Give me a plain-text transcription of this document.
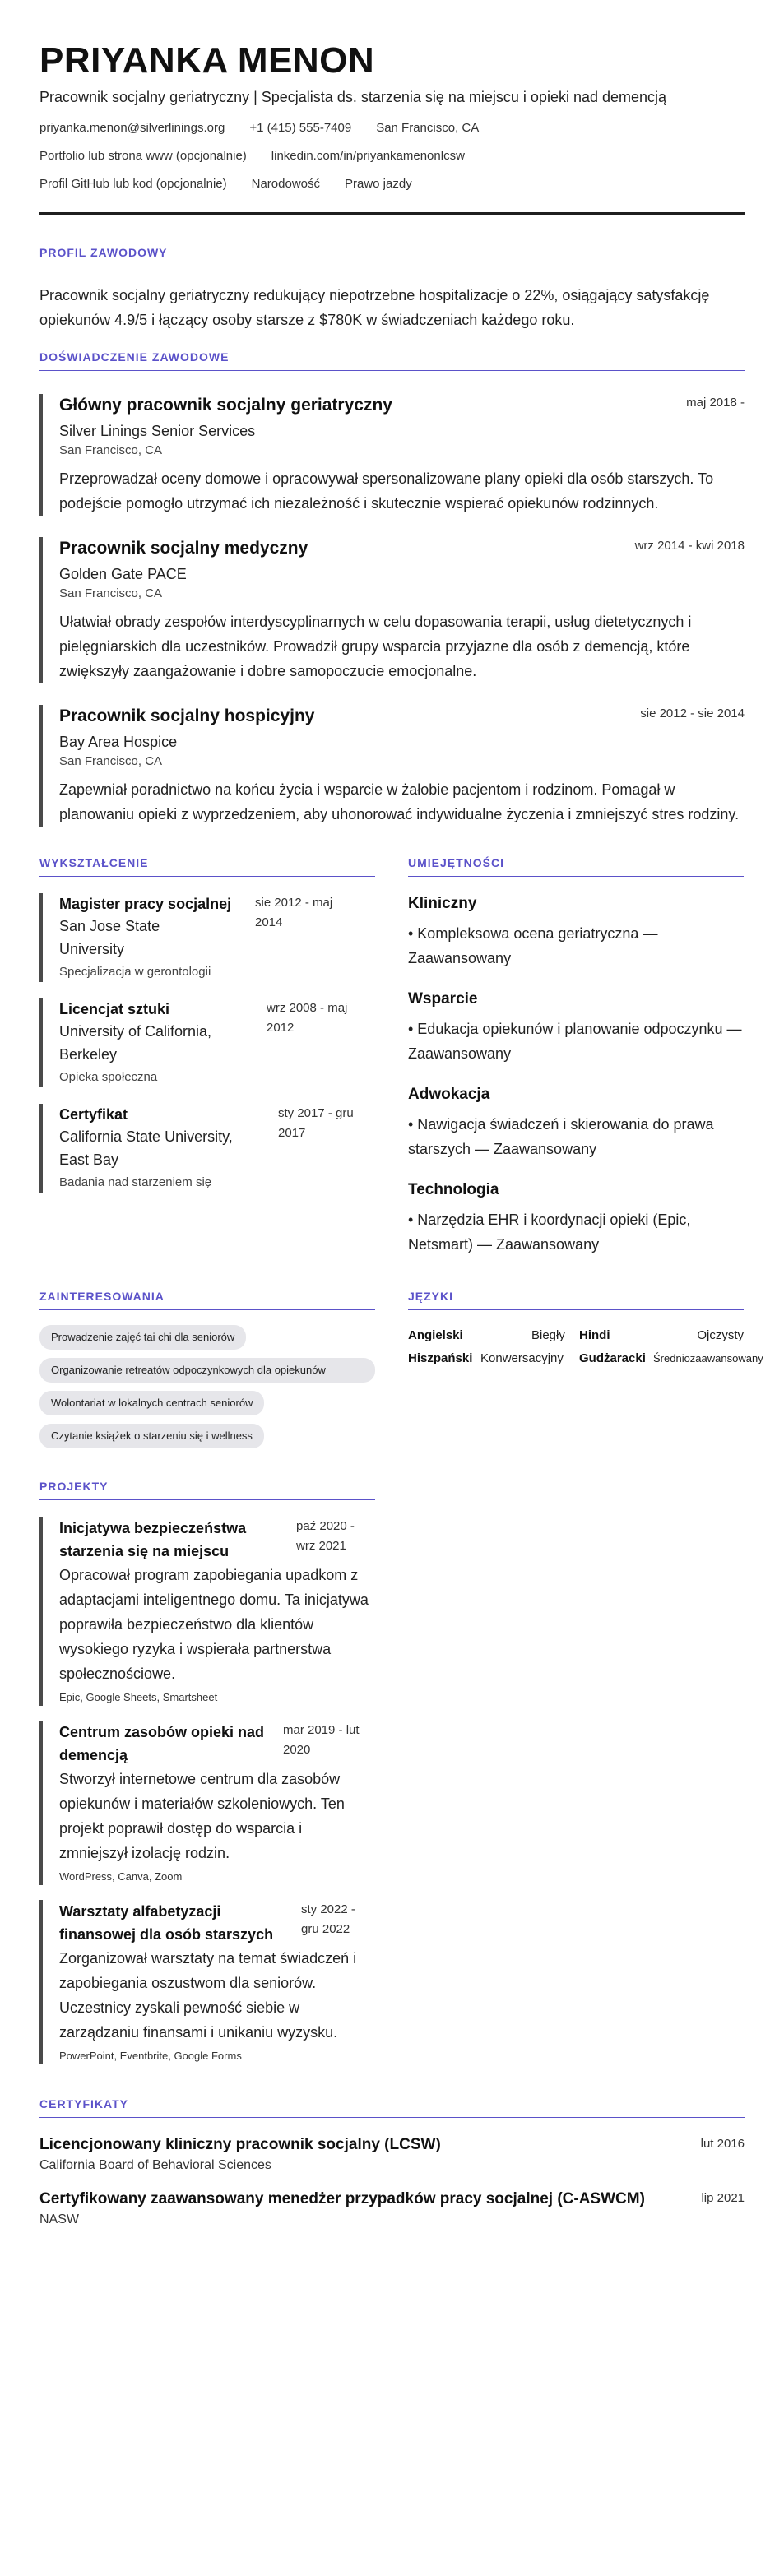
PRIYANKA MENON
Pracownik socjalny geriatryczny | Specjalista ds. starzenia się na miejscu i opieki nad demencją
priyanka.menon@silverlinings.org +1 (415) 555-7409 San Francisco, CA
Portfolio lub strona www (opcjonalnie) linkedin.com/in/priyankamenonlcsw
Profil GitHub lub kod (opcjonalnie) Narodowość Prawo jazdy
PROFIL ZAWODOWY
Pracownik socjalny geriatryczny redukujący niepotrzebne hospitalizacje o 22%, osiągający satysfakcję opiekunów 4.9/5 i łączący osoby starsze z $780K w świadczeniach każdego roku.
DOŚWIADCZENIE ZAWODOWE
Główny pracownik socjalny geriatryczny	maj 2018 -
Silver Linings Senior Services
San Francisco, CA
Przeprowadzał oceny domowe i opracowywał spersonalizowane plany opieki dla osób starszych. To podejście pomogło utrzymać ich niezależność i skutecznie wspierać opiekunów rodzinnych.
Pracownik socjalny medyczny	wrz 2014 - kwi 2018
Golden Gate PACE
San Francisco, CA
Ułatwiał obrady zespołów interdyscyplinarnych w celu dopasowania terapii, usług dietetycznych i pielęgniarskich dla uczestników. Prowadził grupy wsparcia przyjazne dla osób z demencją, które zwiększyły zaangażowanie i dobre samopoczucie emocjonalne.
Pracownik socjalny hospicyjny	sie 2012 - sie 2014
Bay Area Hospice
San Francisco, CA
Zapewniał poradnictwo na końcu życia i wsparcie w żałobie pacjentom i rodzinom. Pomagał w planowaniu opieki z wyprzedzeniem, aby uhonorować indywidualne życzenia i zmniejszyć stres rodziny.
WYKSZTAŁCENIE
Magister pracy socjalnej	sie 2012 - maj 2014
San Jose State University
Specjalizacja w gerontologii
Licencjat sztuki	wrz 2008 - maj 2012
University of California, Berkeley
Opieka społeczna
Certyfikat	sty 2017 - gru 2017
California State University, East Bay
Badania nad starzeniem się
UMIEJĘTNOŚCI
Kliniczny
• Kompleksowa ocena geriatryczna — Zaawansowany
Wsparcie
• Edukacja opiekunów i planowanie odpoczynku — Zaawansowany
Adwokacja
• Nawigacja świadczeń i skierowania do prawa starszych — Zaawansowany
Technologia
• Narzędzia EHR i koordynacji opieki (Epic, Netsmart) — Zaawansowany
ZAINTERESOWANIA
Prowadzenie zajęć tai chi dla seniorów
Organizowanie retreatów odpoczynkowych dla opiekunów
Wolontariat w lokalnych centrach seniorów
Czytanie książek o starzeniu się i wellness
JĘZYKI
Angielski	Biegły	Hindi	Ojczysty
Hiszpański Konwersacyjny	Gudżarackі Średniozaawansowany
PROJEKTY
Inicjatywa bezpieczeństwa starzenia się na miejscu
paź 2020 - wrz 2021
Opracował program zapobiegania upadkom z adaptacjami inteligentnego domu. Ta inicjatywa poprawiła bezpieczeństwo dla klientów wysokiego ryzyka i wspierała partnerstwa społecznościowe.
Epic, Google Sheets, Smartsheet
Centrum zasobów opieki nad demencją
mar 2019 - lut 2020
Stworzył internetowe centrum dla zasobów opiekunów i materiałów szkoleniowych. Ten projekt poprawił dostęp do wsparcia i zmniejszył izolację rodzin.
WordPress, Canva, Zoom
Warsztaty alfabetyzacji finansowej dla osób starszych
sty 2022 - gru 2022
Zorganizował warsztaty na temat świadczeń i zapobiegania oszustwom dla seniorów. Uczestnicy zyskali pewność siebie w zarządzaniu finansami i unikaniu wyzysku.
PowerPoint, Eventbrite, Google Forms
CERTYFIKATY
Licencjonowany kliniczny pracownik socjalny (LCSW)	lut 2016
California Board of Behavioral Sciences
Certyfikowany zaawansowany menedżer przypadków pracy socjalnej (C-ASWCM)	lip 2021
NASW
